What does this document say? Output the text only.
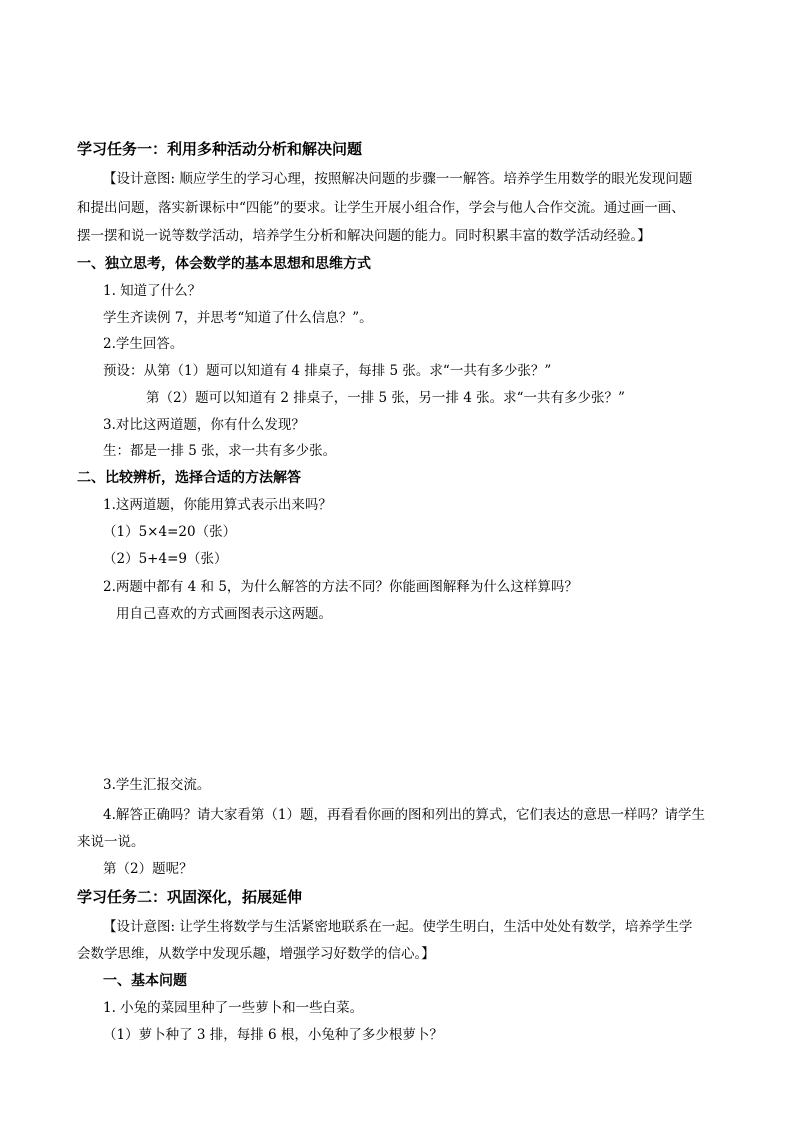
学习任务一：利用多种活动分析和解决问题
【设计意图: 顺应学生的学习心理，按照解决问题的步骤一一解答。培养学生用数学的眼光发现问题
和提出问题，落实新课标中“四能”的要求。让学生开展小组合作，学会与他人合作交流。通过画一画、
摆一摆和说一说等数学活动，培养学生分析和解决问题的能力。同时积累丰富的数学活动经验。】
一、独立思考，体会数学的基本思想和思维方式
1. 知道了什么？
学生齐读例 7，并思考“知道了什么信息？”。
2.学生回答。
预设：从第（1）题可以知道有 4 排桌子，每排 5 张。求“一共有多少张？”
第（2）题可以知道有 2 排桌子，一排 5 张，另一排 4 张。求“一共有多少张？”
3.对比这两道题，你有什么发现？
生：都是一排 5 张，求一共有多少张。
二、比较辨析，选择合适的方法解答
1.这两道题，你能用算式表示出来吗？
（1）5×4=20（张）
（2）5+4=9（张）
2.两题中都有 4 和 5，为什么解答的方法不同？你能画图解释为什么这样算吗？
用自己喜欢的方式画图表示这两题。
3.学生汇报交流。
4.解答正确吗？请大家看第（1）题，再看看你画的图和列出的算式，它们表达的意思一样吗？请学生
来说一说。
第（2）题呢？
学习任务二：巩固深化，拓展延伸
【设计意图: 让学生将数学与生活紧密地联系在一起。使学生明白，生活中处处有数学，培养学生学
会数学思维，从数学中发现乐趣，增强学习好数学的信心。】
一、基本问题
1. 小兔的菜园里种了一些萝卜和一些白菜。
（1）萝卜种了 3 排，每排 6 根，小兔种了多少根萝卜？
